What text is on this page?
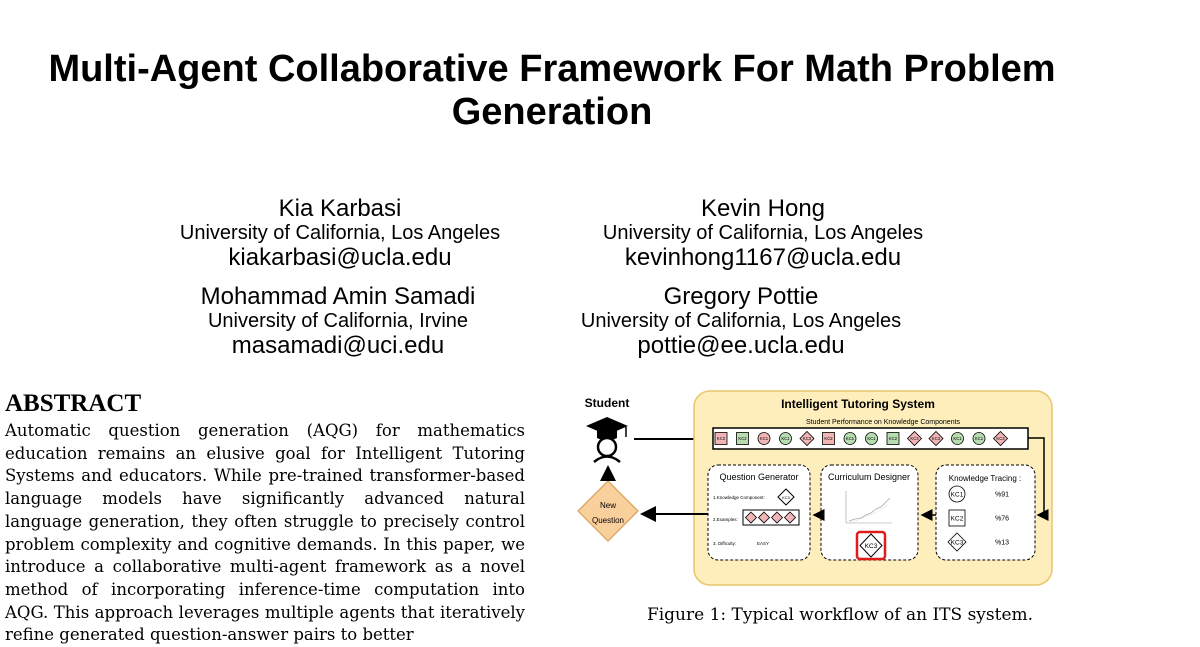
Multi-Agent Collaborative Framework For Math Problem Generation
Kia Karbasi
University of California, Los Angeles
kiakarbasi@ucla.edu
Kevin Hong
University of California, Los Angeles
kevinhong1167@ucla.edu
Mohammad Amin Samadi
University of California, Irvine
masamadi@uci.edu
Gregory Pottie
University of California, Los Angeles
pottie@ee.ucla.edu
ABSTRACT
Automatic question generation (AQG) for mathematics education remains an elusive goal for Intelligent Tutoring Systems and educators. While pre-trained transformer-based language models have significantly advanced natural language generation, they often struggle to precisely control problem complexity and cognitive demands. In this paper, we introduce a collaborative multi-agent framework as a novel method of incorporating inference-time computation into AQG. This approach leverages multiple agents that iteratively refine generated question-answer pairs to better
Student	Intelligent Tutoring System
Student Performance on Knowledge Components
KC2	KC2	KC1	KC1	KC3	KC2	KC1	KC1	KC2	KC3	KC3	KC1	KC1	KC3
Question Generator
1.Knowledge Component:	KC3
2.Examples:
3. Difficulty:	EASY
Curriculum Designer
KC3
Knowledge Tracing :
KC1	%91
KC2	%76
KC3	%13
New
Question
Figure 1: Typical workflow of an ITS system.
